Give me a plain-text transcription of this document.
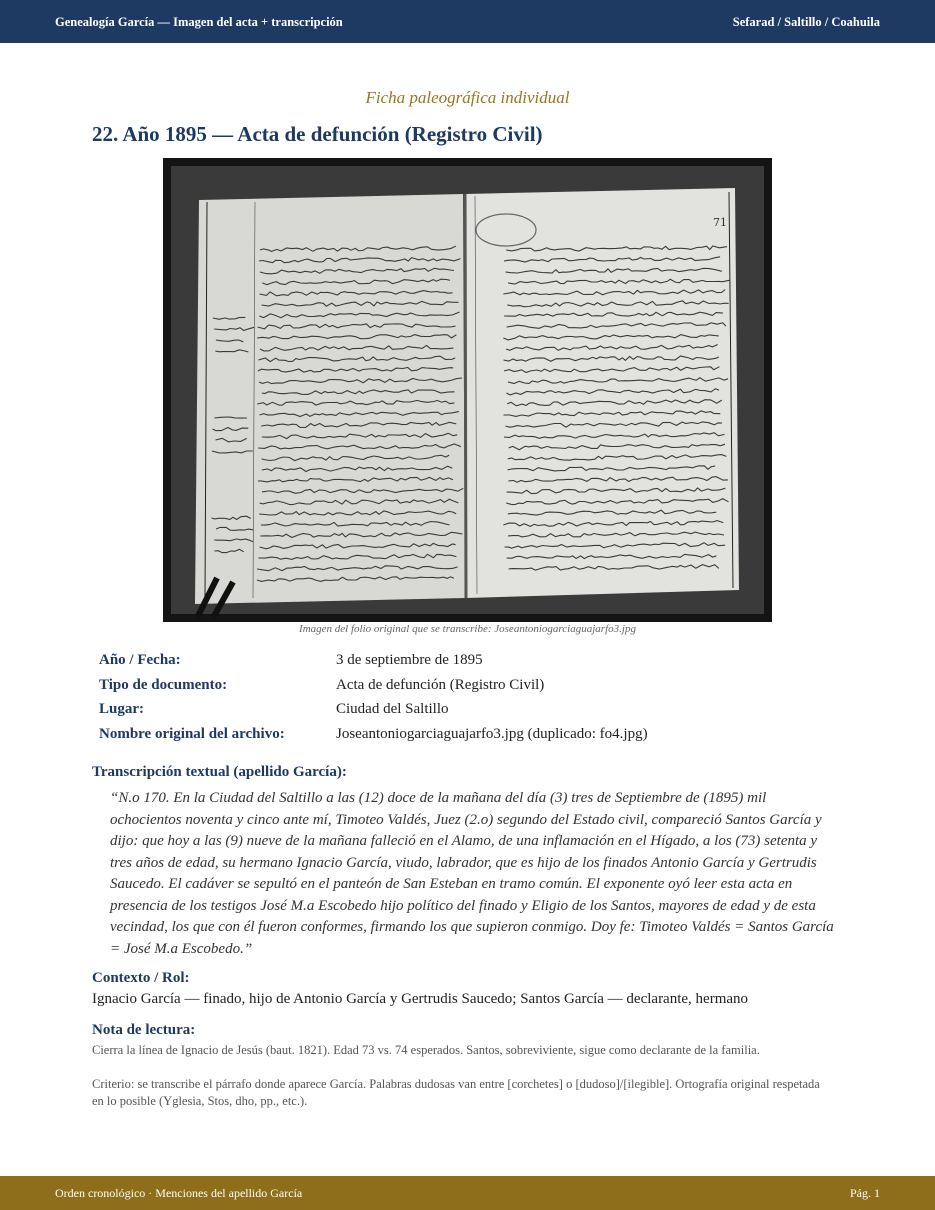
Genealogía García — Imagen del acta + transcripción	Sefarad / Saltillo / Coahuila
Ficha paleográfica individual
22. Año 1895 — Acta de defunción (Registro Civil)
71
Imagen del folio original que se transcribe: Joseantoniogarciaguajarfo3.jpg
Año / Fecha:	3 de septiembre de 1895
Tipo de documento:	Acta de defunción (Registro Civil)
Lugar:	Ciudad del Saltillo
Nombre original del archivo:	Joseantoniogarciaguajarfo3.jpg (duplicado: fo4.jpg)
Transcripción textual (apellido García):
“N.o 170. En la Ciudad del Saltillo a las (12) doce de la mañana del día (3) tres de Septiembre de (1895) mil ochocientos noventa y cinco ante mí, Timoteo Valdés, Juez (2.o) segundo del Estado civil, compareció Santos García y dijo: que hoy a las (9) nueve de la mañana falleció en el Alamo, de una inflamación en el Hígado, a los (73) setenta y tres años de edad, su hermano Ignacio García, viudo, labrador, que es hijo de los finados Antonio García y Gertrudis Saucedo. El cadáver se sepultó en el panteón de San Esteban en tramo común. El exponente oyó leer esta acta en presencia de los testigos José M.a Escobedo hijo político del finado y Eligio de los Santos, mayores de edad y de esta vecindad, los que con él fueron conformes, firmando los que supieron conmigo. Doy fe: Timoteo Valdés = Santos García = José M.a Escobedo.”
Contexto / Rol:
Ignacio García — finado, hijo de Antonio García y Gertrudis Saucedo; Santos García — declarante, hermano
Nota de lectura:
Cierra la línea de Ignacio de Jesús (baut. 1821). Edad 73 vs. 74 esperados. Santos, sobreviviente, sigue como declarante de la familia.
Criterio: se transcribe el párrafo donde aparece García. Palabras dudosas van entre [corchetes] o [dudoso]/[ilegible]. Ortografía original respetada en lo posible (Yglesia, Stos, dho, pp., etc.).
Orden cronológico · Menciones del apellido García	Pág. 1
